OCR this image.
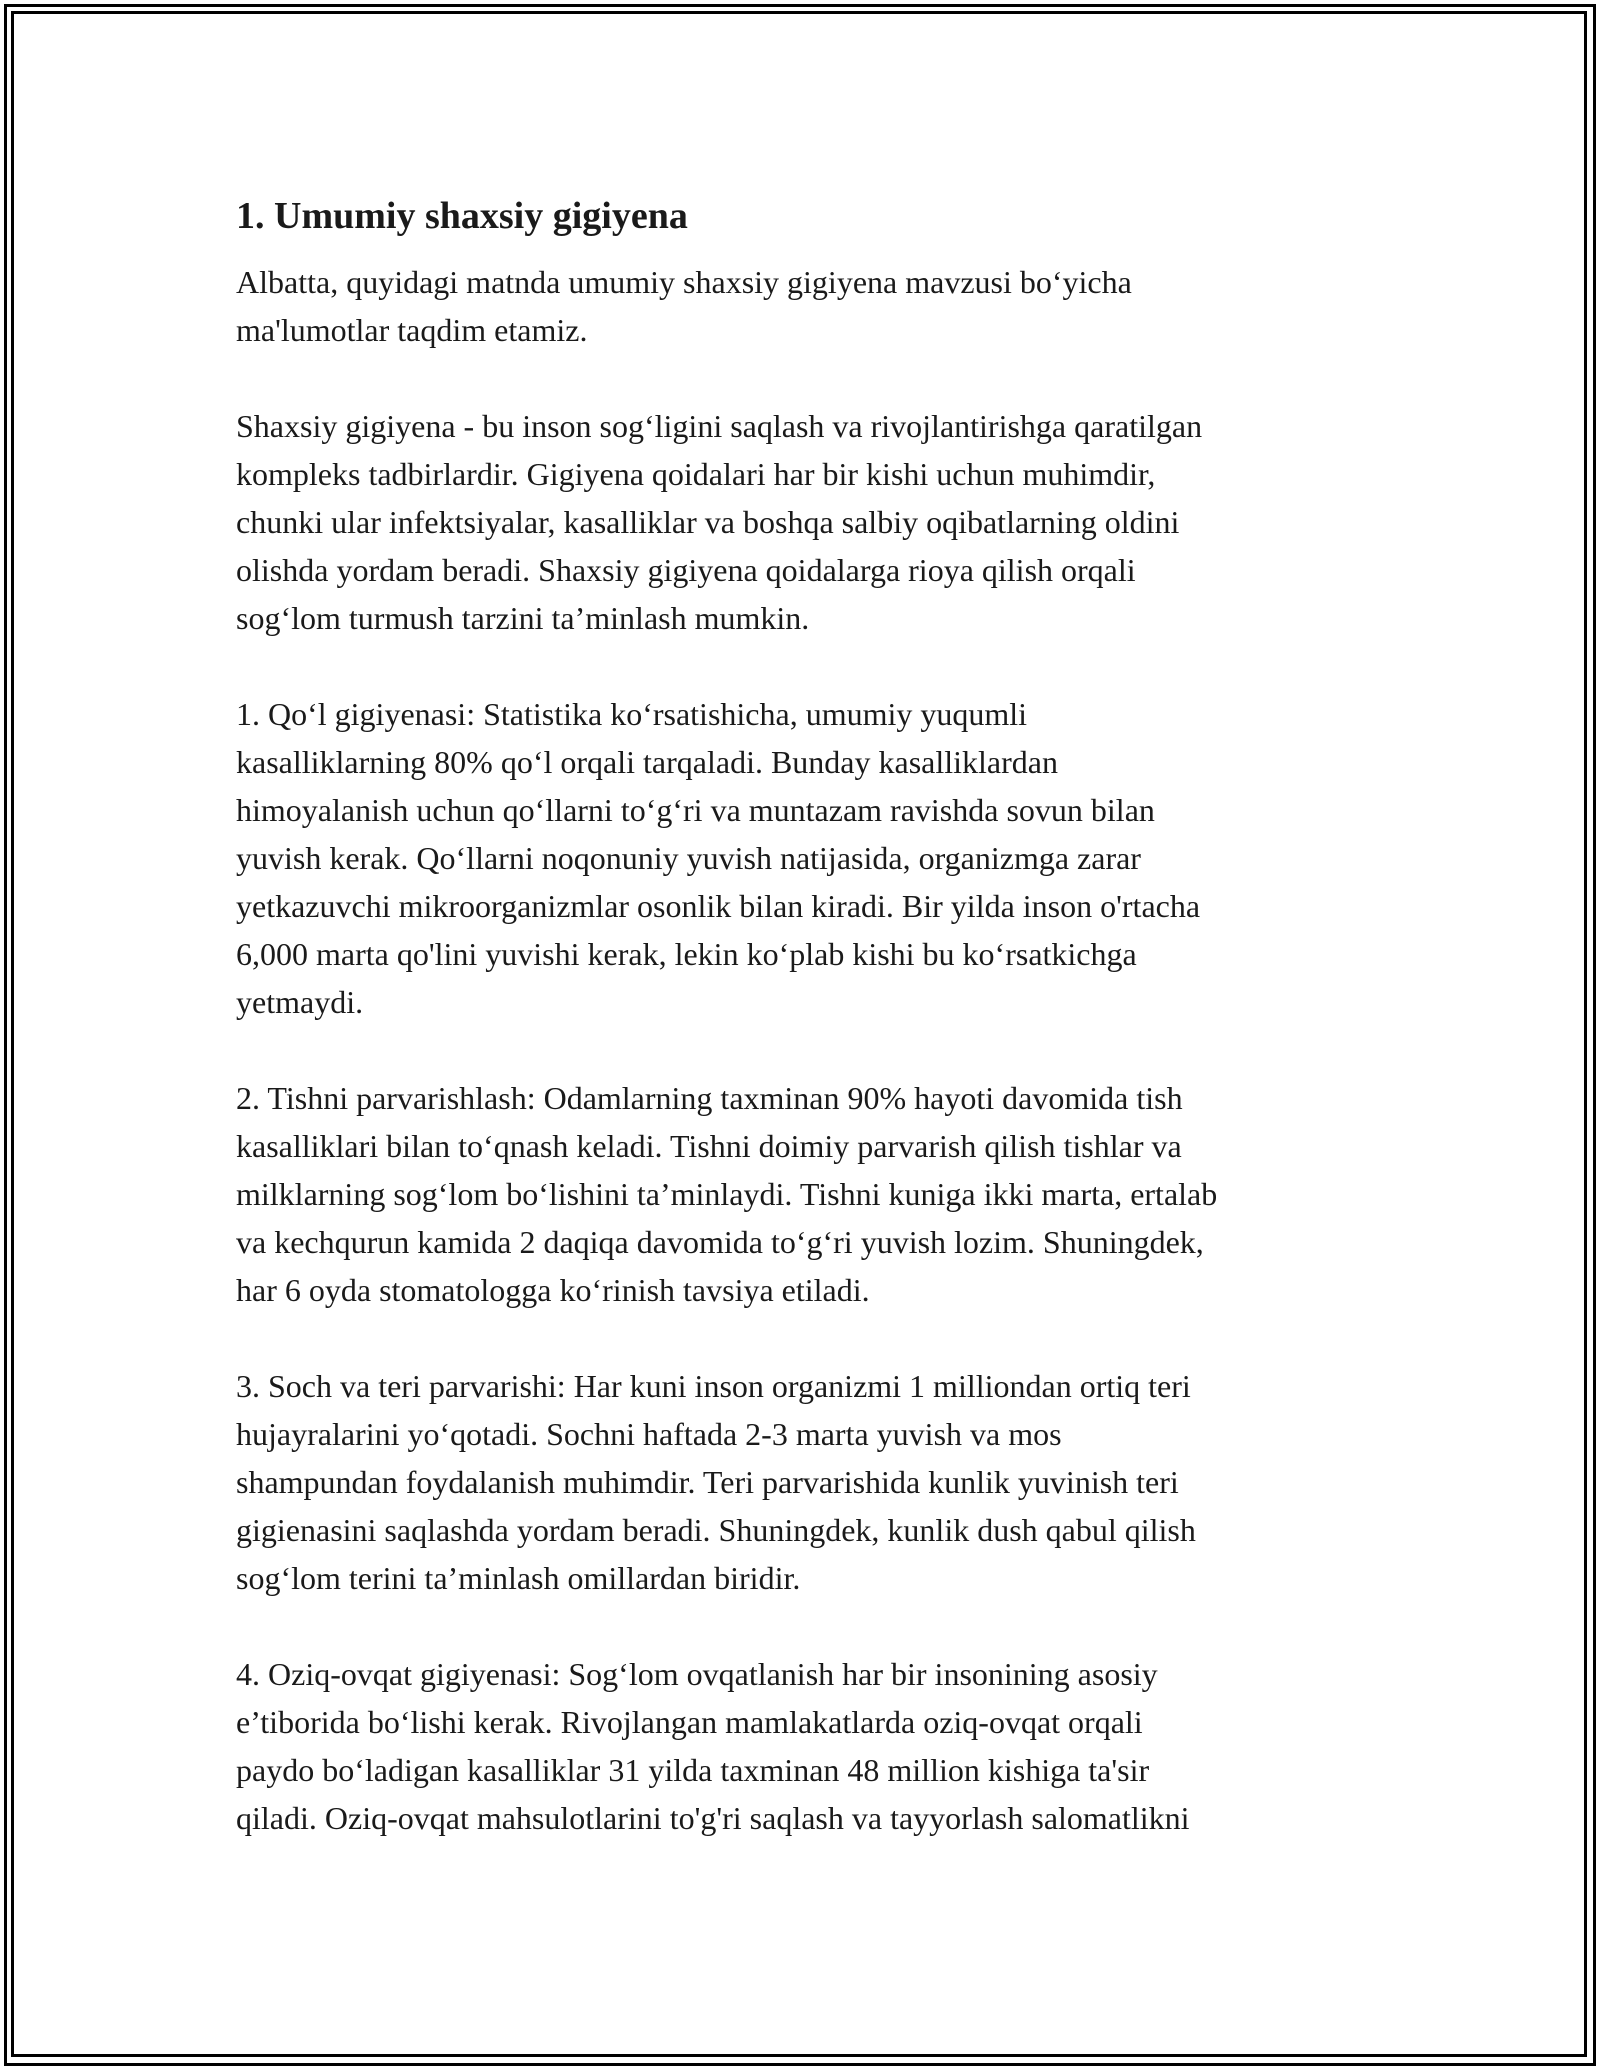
1. Umumiy shaxsiy gigiyena

Albatta, quyidagi matnda umumiy shaxsiy gigiyena mavzusi bo‘yicha
ma'lumotlar taqdim etamiz.

Shaxsiy gigiyena - bu inson sog‘ligini saqlash va rivojlantirishga qaratilgan
kompleks tadbirlardir. Gigiyena qoidalari har bir kishi uchun muhimdir,
chunki ular infektsiyalar, kasalliklar va boshqa salbiy oqibatlarning oldini
olishda yordam beradi. Shaxsiy gigiyena qoidalarga rioya qilish orqali
sog‘lom turmush tarzini ta’minlash mumkin.

1. Qo‘l gigiyenasi: Statistika ko‘rsatishicha, umumiy yuqumli
kasalliklarning 80% qo‘l orqali tarqaladi. Bunday kasalliklardan
himoyalanish uchun qo‘llarni to‘g‘ri va muntazam ravishda sovun bilan
yuvish kerak. Qo‘llarni noqonuniy yuvish natijasida, organizmga zarar
yetkazuvchi mikroorganizmlar osonlik bilan kiradi. Bir yilda inson o'rtacha
6,000 marta qo'lini yuvishi kerak, lekin ko‘plab kishi bu ko‘rsatkichga
yetmaydi.

2. Tishni parvarishlash: Odamlarning taxminan 90% hayoti davomida tish
kasalliklari bilan to‘qnash keladi. Tishni doimiy parvarish qilish tishlar va
milklarning sog‘lom bo‘lishini ta’minlaydi. Tishni kuniga ikki marta, ertalab
va kechqurun kamida 2 daqiqa davomida to‘g‘ri yuvish lozim. Shuningdek,
har 6 oyda stomatologga ko‘rinish tavsiya etiladi.

3. Soch va teri parvarishi: Har kuni inson organizmi 1 milliondan ortiq teri
hujayralarini yo‘qotadi. Sochni haftada 2-3 marta yuvish va mos
shampundan foydalanish muhimdir. Teri parvarishida kunlik yuvinish teri
gigienasini saqlashda yordam beradi. Shuningdek, kunlik dush qabul qilish
sog‘lom terini ta’minlash omillardan biridir.

4. Oziq-ovqat gigiyenasi: Sog‘lom ovqatlanish har bir insonining asosiy
e’tiborida bo‘lishi kerak. Rivojlangan mamlakatlarda oziq-ovqat orqali
paydo bo‘ladigan kasalliklar 31 yilda taxminan 48 million kishiga ta'sir
qiladi. Oziq-ovqat mahsulotlarini to'g'ri saqlash va tayyorlash salomatlikni
